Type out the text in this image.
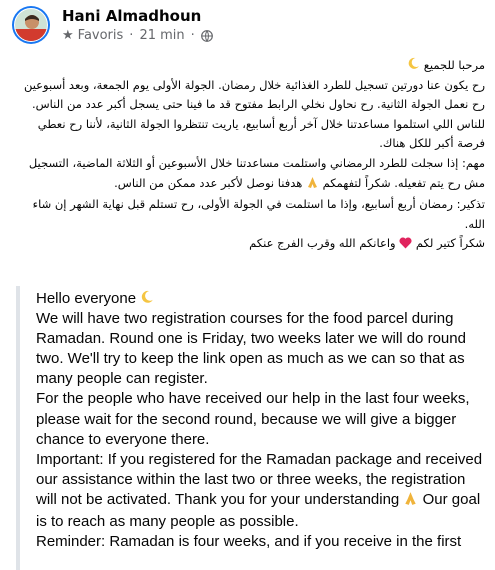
Hani Almadhoun
★ Favoris · 21 min ·

مرحبا للجميع

رح يكون عنا دورتين تسجيل للطرد الغذائية خلال رمضان. الجولة الأولى يوم الجمعة، وبعد أسبوعين رح نعمل الجولة الثانية. رح نحاول نخلي الرابط مفتوح قد ما فينا حتى يسجل أكبر عدد من الناس.

للناس اللي استلموا مساعدتنا خلال آخر أربع أسابيع، ياريت تنتظروا الجولة الثانية، لأننا رح نعطي فرصة أكبر للكل هناك.

مهم: إذا سجلت للطرد الرمضاني واستلمت مساعدتنا خلال الأسبوعين أو الثلاثة الماضية، التسجيل مش رح يتم تفعيله. شكراً لتفهمكم  هدفنا نوصل لأكبر عدد ممكن من الناس.

تذكير: رمضان أربع أسابيع، وإذا ما استلمت في الجولة الأولى، رح تستلم قبل نهاية الشهر إن شاء الله.

شكراً كتير لكم  واعانكم الله وقرب الفرج عنكم

Hello everyone

We will have two registration courses for the food parcel during Ramadan. Round one is Friday, two weeks later we will do round two. We'll try to keep the link open as much as we can so that as many people can register.

For the people who have received our help in the last four weeks, please wait for the second round, because we will give a bigger chance to everyone there.

Important: If you registered for the Ramadan package and received our assistance within the last two or three weeks, the registration will not be activated. Thank you for your understanding Our goal is to reach as many people as possible.

Reminder: Ramadan is four weeks, and if you receive in the first
